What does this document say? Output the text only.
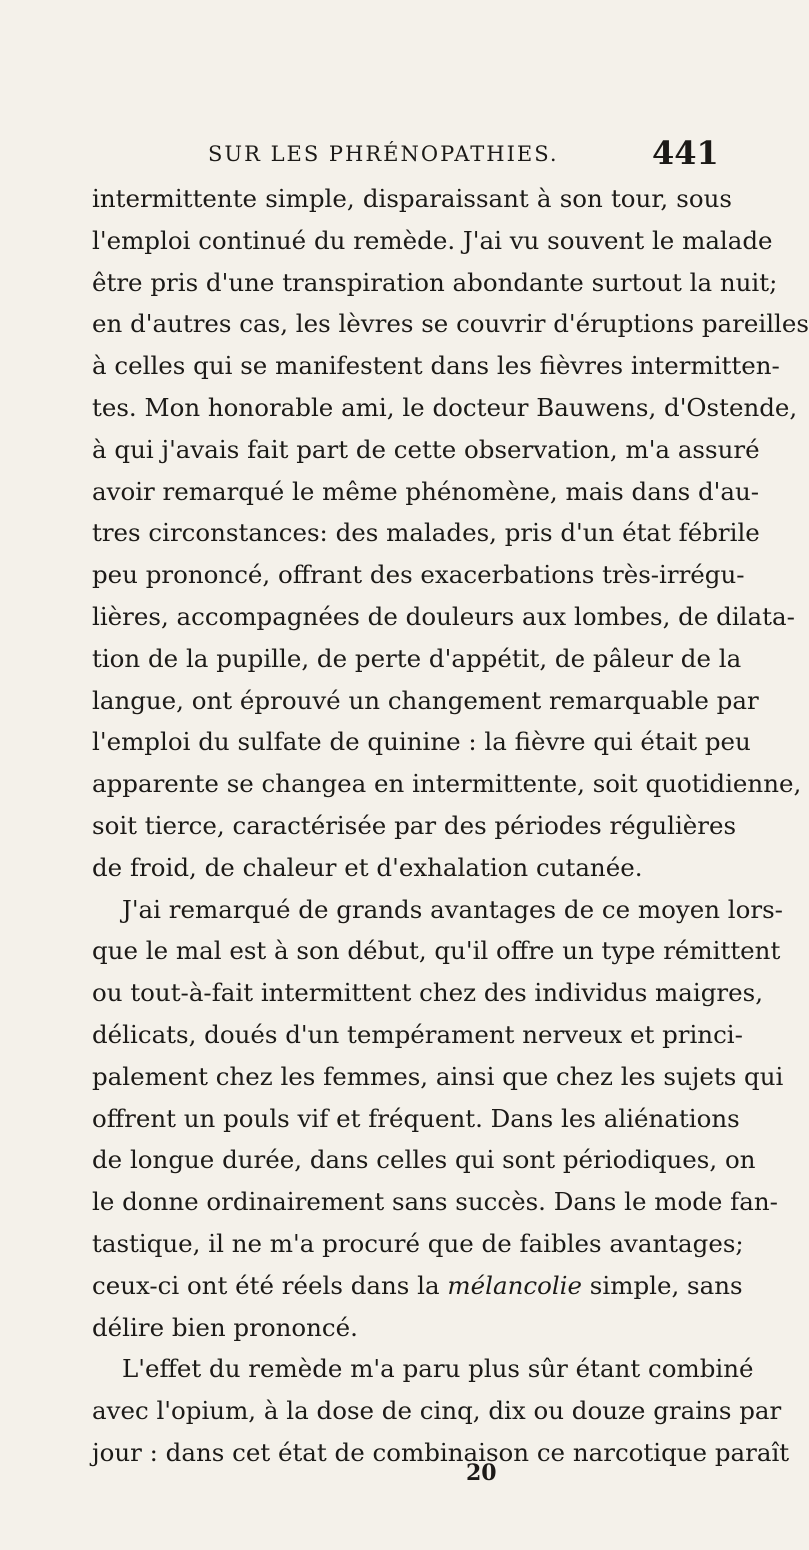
SUR LES PHRÉNOPATHIES.	441
intermittente simple, disparaissant à son tour, sous
l'emploi continué du remède. J'ai vu souvent le malade
être pris d'une transpiration abondante surtout la nuit;
en d'autres cas, les lèvres se couvrir d'éruptions pareilles
à celles qui se manifestent dans les fièvres intermitten-
tes. Mon honorable ami, le docteur Bauwens, d'Ostende,
à qui j'avais fait part de cette observation, m'a assuré
avoir remarqué le même phénomène, mais dans d'au-
tres circonstances: des malades, pris d'un état fébrile
peu prononcé, offrant des exacerbations très-irrégu-
lières, accompagnées de douleurs aux lombes, de dilata-
tion de la pupille, de perte d'appétit, de pâleur de la
langue, ont éprouvé un changement remarquable par
l'emploi du sulfate de quinine : la fièvre qui était peu
apparente se changea en intermittente, soit quotidienne,
soit tierce, caractérisée par des périodes régulières
de froid, de chaleur et d'exhalation cutanée.
J'ai remarqué de grands avantages de ce moyen lors-
que le mal est à son début, qu'il offre un type rémittent
ou tout-à-fait intermittent chez des individus maigres,
délicats, doués d'un tempérament nerveux et princi-
palement chez les femmes, ainsi que chez les sujets qui
offrent un pouls vif et fréquent. Dans les aliénations
de longue durée, dans celles qui sont périodiques, on
le donne ordinairement sans succès. Dans le mode fan-
tastique, il ne m'a procuré que de faibles avantages;
ceux-ci ont été réels dans la mélancolie simple, sans
délire bien prononcé.
L'effet du remède m'a paru plus sûr étant combiné
avec l'opium, à la dose de cinq, dix ou douze grains par
jour : dans cet état de combinaison ce narcotique paraît
20
